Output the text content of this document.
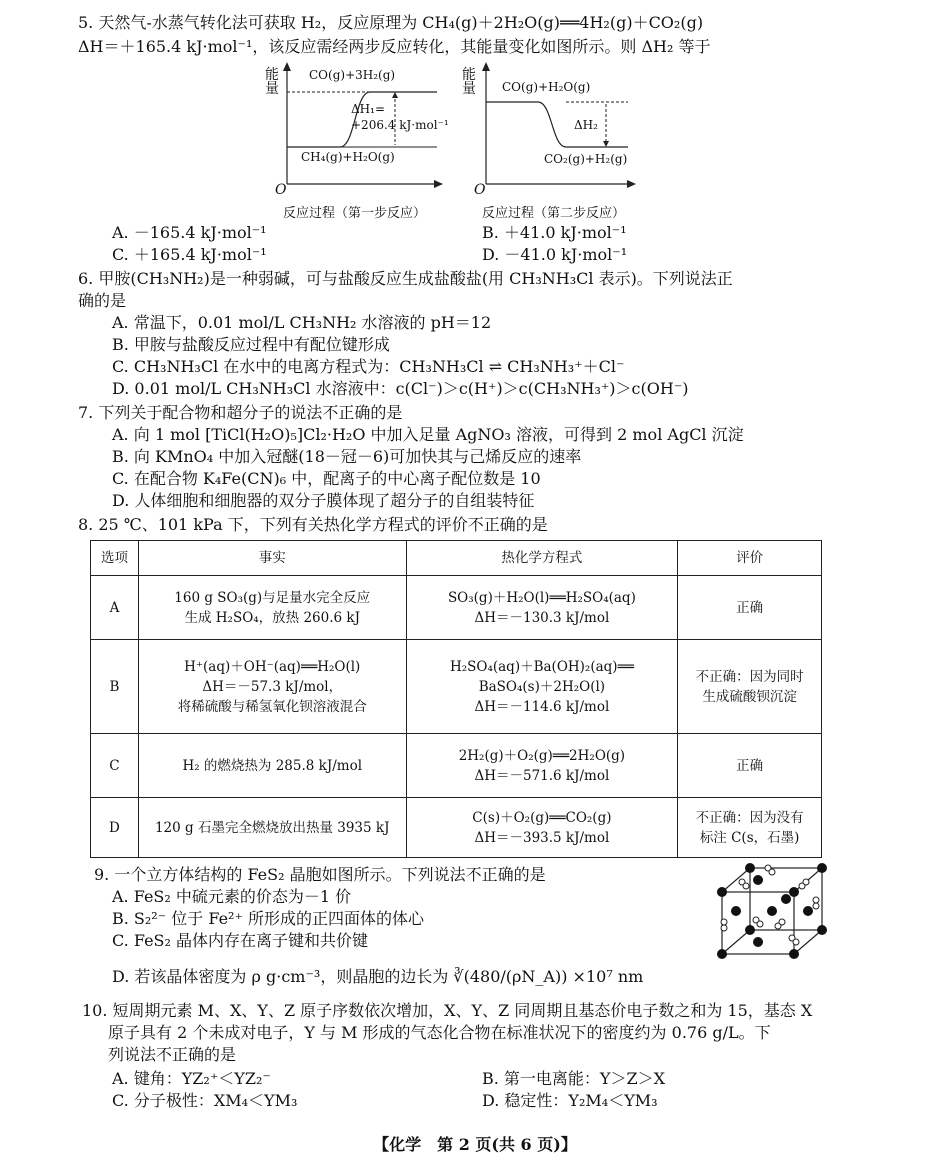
5. 天然气-水蒸气转化法可获取 H₂，反应原理为 CH₄(g)＋2H₂O(g)══4H₂(g)＋CO₂(g)
ΔH＝＋165.4 kJ·mol⁻¹，该反应需经两步反应转化，其能量变化如图所示。则 ΔH₂ 等于
能量
O
CO(g)+3H₂(g)
CH₄(g)+H₂O(g)
ΔH₁=
+206.4 kJ·mol⁻¹
反应过程（第一步反应）
能量
O
CO(g)+H₂O(g)
CO₂(g)+H₂(g)
ΔH₂
反应过程（第二步反应）
A. －165.4 kJ·mol⁻¹	B. ＋41.0 kJ·mol⁻¹
C. ＋165.4 kJ·mol⁻¹	D. －41.0 kJ·mol⁻¹
6. 甲胺(CH₃NH₂)是一种弱碱，可与盐酸反应生成盐酸盐(用 CH₃NH₃Cl 表示)。下列说法正
确的是
A. 常温下，0.01 mol/L CH₃NH₂ 水溶液的 pH＝12
B. 甲胺与盐酸反应过程中有配位键形成
C. CH₃NH₃Cl 在水中的电离方程式为：CH₃NH₃Cl ⇌ CH₃NH₃⁺＋Cl⁻
D. 0.01 mol/L CH₃NH₃Cl 水溶液中：c(Cl⁻)＞c(H⁺)＞c(CH₃NH₃⁺)＞c(OH⁻)
7. 下列关于配合物和超分子的说法不正确的是
A. 向 1 mol [TiCl(H₂O)₅]Cl₂·H₂O 中加入足量 AgNO₃ 溶液，可得到 2 mol AgCl 沉淀
B. 向 KMnO₄ 中加入冠醚(18－冠－6)可加快其与己烯反应的速率
C. 在配合物 K₄Fe(CN)₆ 中，配离子的中心离子配位数是 10
D. 人体细胞和细胞器的双分子膜体现了超分子的自组装特征
8. 25 ℃、101 kPa 下，下列有关热化学方程式的评价不正确的是
选项	事实	热化学方程式	评价
A	160 g SO₃(g)与足量水完全反应
生成 H₂SO₄，放热 260.6 kJ	SO₃(g)＋H₂O(l)══H₂SO₄(aq)
ΔH＝－130.3 kJ/mol	正确
B	H⁺(aq)＋OH⁻(aq)══H₂O(l)
ΔH＝－57.3 kJ/mol，
将稀硫酸与稀氢氧化钡溶液混合	H₂SO₄(aq)＋Ba(OH)₂(aq)══
BaSO₄(s)＋2H₂O(l)
ΔH＝－114.6 kJ/mol	不正确：因为同时
生成硫酸钡沉淀
C	H₂ 的燃烧热为 285.8 kJ/mol	2H₂(g)＋O₂(g)══2H₂O(g)
ΔH＝－571.6 kJ/mol	正确
D	120 g 石墨完全燃烧放出热量 3935 kJ	C(s)＋O₂(g)══CO₂(g)
ΔH＝－393.5 kJ/mol	不正确：因为没有
标注 C(s，石墨)
9. 一个立方体结构的 FeS₂ 晶胞如图所示。下列说法不正确的是
A. FeS₂ 中硫元素的价态为－1 价
B. S₂²⁻ 位于 Fe²⁺ 所形成的正四面体的体心
C. FeS₂ 晶体内存在离子键和共价键
D. 若该晶体密度为 ρ g·cm⁻³，则晶胞的边长为 ∛(480/(ρN_A)) ×10⁷ nm
10. 短周期元素 M、X、Y、Z 原子序数依次增加，X、Y、Z 同周期且基态价电子数之和为 15，基态 X
原子具有 2 个未成对电子，Y 与 M 形成的气态化合物在标准状况下的密度约为 0.76 g/L。下
列说法不正确的是
A. 键角：YZ₂⁺＜YZ₂⁻	B. 第一电离能：Y＞Z＞X
C. 分子极性：XM₄＜YM₃	D. 稳定性：Y₂M₄＜YM₃
【化学　第 2 页(共 6 页)】
